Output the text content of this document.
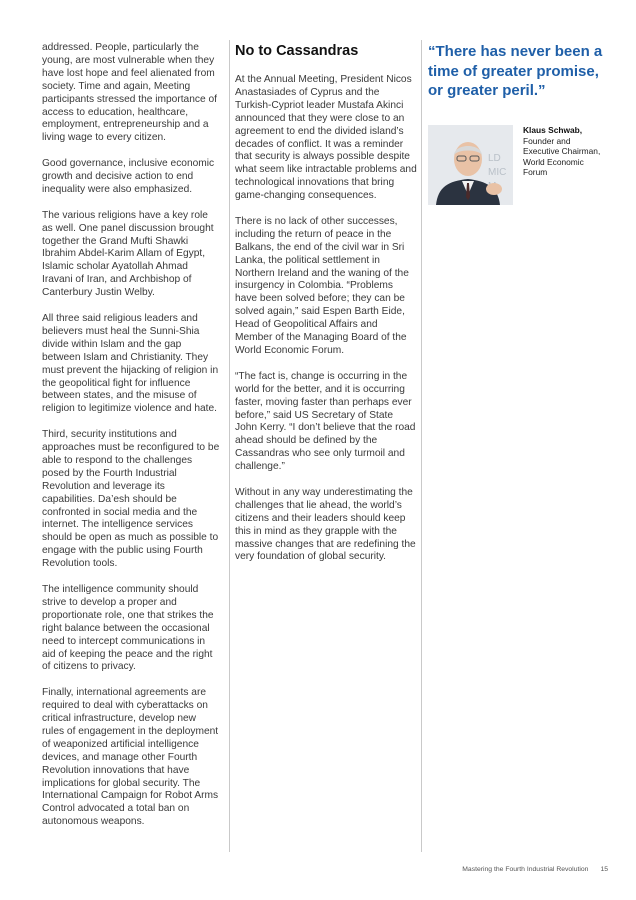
addressed. People, particularly the young, are most vulnerable when they have lost hope and feel alienated from society. Time and again, Meeting participants stressed the importance of access to education, healthcare, employment, entrepreneurship and a living wage to every citizen.

Good governance, inclusive economic growth and decisive action to end inequality were also emphasized.

The various religions have a key role as well. One panel discussion brought together the Grand Mufti Shawki Ibrahim Abdel-Karim Allam of Egypt, Islamic scholar Ayatollah Ahmad Iravani of Iran, and Archbishop of Canterbury Justin Welby.

All three said religious leaders and believers must heal the Sunni-Shia divide within Islam and the gap between Islam and Christianity. They must prevent the hijacking of religion in the geopolitical fight for influence between states, and the misuse of religion to legitimize violence and hate.

Third, security institutions and approaches must be reconfigured to be able to respond to the challenges posed by the Fourth Industrial Revolution and leverage its capabilities. Da’esh should be confronted in social media and the internet. The intelligence services should be open as much as possible to engage with the public using Fourth Revolution tools.

The intelligence community should strive to develop a proper and proportionate role, one that strikes the right balance between the occasional need to intercept communications in aid of keeping the peace and the right of citizens to privacy.

Finally, international agreements are required to deal with cyberattacks on critical infrastructure, develop new rules of engagement in the deployment of weaponized artificial intelligence devices, and manage other Fourth Revolution innovations that have implications for global security. The International Campaign for Robot Arms Control advocated a total ban on autonomous weapons.

No to Cassandras

At the Annual Meeting, President Nicos Anastasiades of Cyprus and the Turkish-Cypriot leader Mustafa Akinci announced that they were close to an agreement to end the divided island’s decades of conflict. It was a reminder that security is always possible despite what seem like intractable problems and technological innovations that bring game-changing consequences.

There is no lack of other successes, including the return of peace in the Balkans, the end of the civil war in Sri Lanka, the political settlement in Northern Ireland and the waning of the insurgency in Colombia. “Problems have been solved before; they can be solved again,” said Espen Barth Eide, Head of Geopolitical Affairs and Member of the Managing Board of the World Economic Forum.

“The fact is, change is occurring in the world for the better, and it is occurring faster, moving faster than perhaps ever before,” said US Secretary of State John Kerry. “I don’t believe that the road ahead should be defined by the Cassandras who see only turmoil and challenge.”

Without in any way underestimating the challenges that lie ahead, the world’s citizens and their leaders should keep this in mind as they grapple with the massive changes that are redefining the very foundation of global security.

“There has never been a time of greater promise, or greater peril.”

LD
MIC
Klaus Schwab,
Founder and Executive Chairman, World Economic Forum
Mastering the Fourth Industrial Revolution 15
